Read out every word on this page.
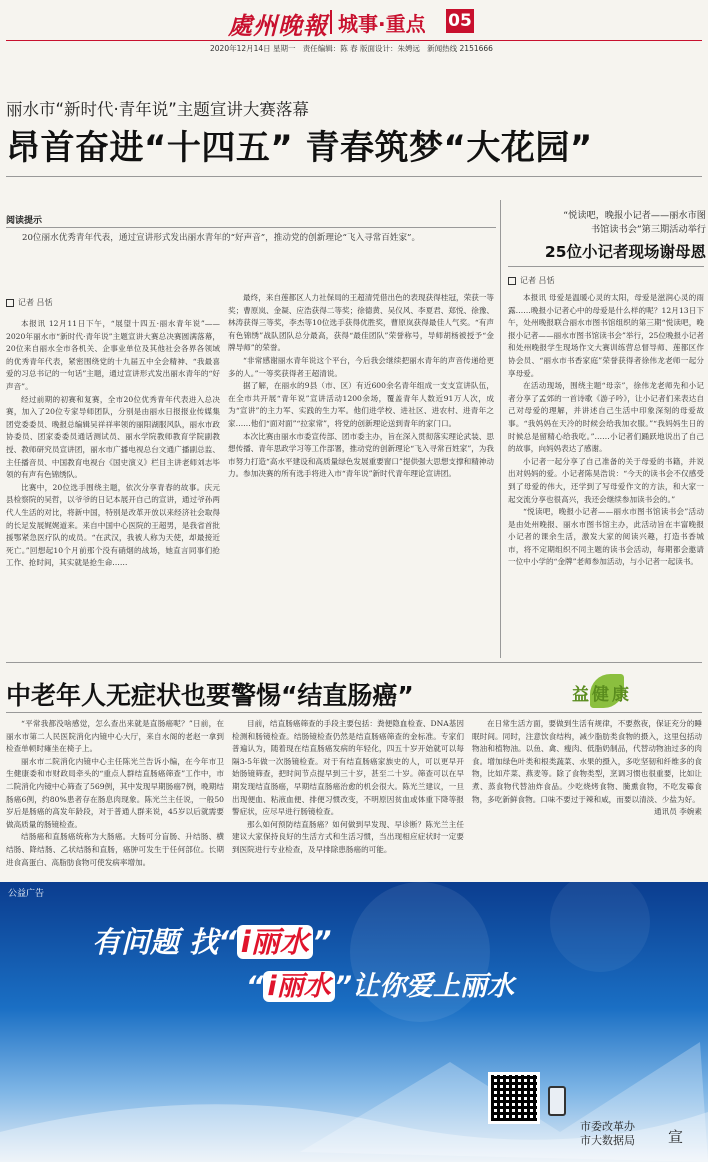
處州晚報 城事·重点 05
2020年12月14日 星期一 责任编辑：陈 春 版面设计：朱娉远 新闻热线 2151666
丽水市“新时代·青年说”主题宣讲大赛落幕
昂首奋进“十四五” 青春筑梦“大花园”
阅读提示
20位丽水优秀青年代表，通过宣讲形式发出丽水青年的“好声音”，推动党的创新理论“飞入寻常百姓家”。
记者 吕恬

本报讯 12月11日下午，“展望十四五·丽水青年说”——2020年丽水市“新时代·青年说”主题宣讲大赛总决赛圆满落幕，20位来自丽水全市各机关、企事业单位及其他社会各界各领域的优秀青年代表，紧密围绕党的十九届五中全会精神、“我最喜爱的习总书记的一句话”主题，通过宣讲形式发出丽水青年的“好声音”。

经过前期的初赛和复赛，全市20位优秀青年代表进入总决赛，加入了20位专家导师团队，分别是由丽水日报报业传媒集团党委委员、晚报总编辑吴祥祥率领的丽阳湖服风队，丽水市政协委员、团家委委员通话测试员、丽水学院教师教育学院副教授、教师研究员宣讲团，丽水市广播电视总台文通广播副总监、主任播音员、中国教育电视台《国史演义》栏目主讲老师刘志毕领的有声有色锦绣队。

比赛中，20位选手围绕主题，依次分享青春的故事。庆元县检察院的吴哲，以爷爷的日记本展开自己的宣讲，通过爷孙两代人生活的对比，将新中国，特别是改革开放以来经济社会取得的长足发展娓娓道来。来自中国中心医院的王超男，是我省首批援鄂紧急医疗队的成员。“在武汉，我被人称为天使，却最接近死亡。”回想起10个月前那个没有硝烟的战场，她直言同事们抢工作、抢时间，其实就是抢生命……

最终，来自莲都区人力社保局的王超清凭借出色的表现获得桂冠，荣获一等奖；曹原岚、金凝、应浩获得二等奖；徐德黄、吴仪风、李夏君、郑悦、徐豫、林涛获得三等奖，李杰等10位选手获得优胜奖，曹原岚获得最佳人气奖。“有声有色锦绣”战队团队总分最高，获得“最佳团队”荣誉称号，导师胡杨被授予“金牌导师”的荣誉。

“非常感谢丽水青年说这个平台，今后我会继续把丽水青年的声音传递给更多的人。”一等奖获得者王超清说。

据了解，在丽水的9县（市、区）有近600余名青年组成一支支宣讲队伍，在全市共开展“青年说”宣讲活动1200余场，覆盖青年人数近91万人次，成为“宣讲”的主力军、实践的生力军。他们进学校、进社区、进农村、进青年之家……他们“面对面”“拉家常”，将党的创新理论送到青年的家门口。

本次比赛由丽水市委宣传部、团市委主办，旨在深入贯彻落实理论武装、思想传播、青年思政学习等工作部署，推动党的创新理论“飞入寻常百姓家”，为我市努力打造“高水平建设和高质量绿色发展重要窗口”提供强大思想支撑和精神动力。参加决赛的所有选手将进入市“青年说”新时代青年理论宣讲团。

“悦读吧，晚报小记者——丽水市图
书馆读书会”第三期活动举行
25位小记者现场谢母恩
记者 吕恬

本报讯 母爱是温暖心灵的太阳，母爱是滋润心灵的雨露……晚报小记者心中的母爱是什么样的呢？12月13日下午，处州晚报联合丽水市图书馆组织的第三期“悦读吧，晚报小记者——丽水市图书馆读书会”举行，25位晚报小记者和处州晚报学生现场作文大赛训练营总督导师、莲都区作协会员、“丽水市书香家庭”荣誉获得者徐伟龙老师一起分享母爱。

在活动现场，围绕主题“母亲”，徐伟龙老师先和小记者分享了孟郊的一首诗歌《游子吟》，让小记者们来表达自己对母爱的理解，并讲述自己生活中印象深刻的母爱故事。“我妈妈在天冷的时候会给我加衣服。”“我妈妈生日的时候总是留精心给我吃。”……小记者们踊跃地说出了自己的故事，向妈妈表达了感谢。

小记者一起分享了自己准备的关于母爱的书籍，并说出对妈妈的爱。小记者陈昊浩说：“今天的读书会不仅感受到了母爱的伟大，还学到了写母爱作文的方法，和大家一起交流分享也很高兴，我还会继续参加读书会的。”

“悦读吧，晚报小记者——丽水市图书馆读书会”活动是由处州晚报、丽水市图书馆主办，此活动旨在丰富晚报小记者的课余生活，激发大家的阅读兴趣，打造书香城市，将不定期组织不同主题的读书会活动，每期都会邀请一位中小学的“金牌”老师参加活动，与小记者一起读书。

中老年人无症状也要警惕“结直肠癌”	益健康

“平常我都没啥感觉，怎么查出来就是直肠癌呢？”日前，在丽水市第二人民医院消化内镜中心大厅，来自水阁的老赵一拿到检查单顿时瘫坐在椅子上。

丽水市二院消化内镜中心主任陈光兰告诉小编，在今年市卫生健康委和市财政局牵头的“重点人群结直肠癌筛查”工作中，市二院消化内镜中心筛查了569例，其中发现早期肠癌7例，晚期结肠癌6例，约80%患者存在肠息肉现象。陈光兰主任说，一般50岁后是肠癌的高发年龄段，对于普通人群来说，45岁以后就需要做高质量的肠镜检查。

结肠癌和直肠癌统称为大肠癌。大肠可分盲肠、升结肠、横结肠、降结肠、乙状结肠和直肠，癌肿可发生于任何部位。长期进食高蛋白、高脂肪食物可使发病率增加。

目前，结直肠癌筛查的手段主要包括：粪便隐血检查、DNA基因检测和肠镜检查。结肠镜检查仍然是结直肠癌筛查的金标准。专家们普遍认为，随着现在结直肠癌发病的年轻化，四五十岁开始就可以每隔3-5年做一次肠镜检查。对于有结直肠癌家族史的人，可以更早开始肠镜筛查，把时间节点提早到三十岁，甚至二十岁。筛查可以在早期发现结直肠癌，早期结直肠癌治愈的机会很大。陈光兰建议，一旦出现便血、粘液血便、排便习惯改变，不明原因贫血或体重下降等报警症状，应尽早进行肠镜检查。

那么如何预防结直肠癌？如何做到早发现、早诊断？陈光兰主任建议大家保持良好的生活方式和生活习惯，当出现相应症状时一定要到医院进行专业检查，及早排除患肠癌的可能。

在日常生活方面，要做到生活有规律，不要熬夜，保证充分的睡眠时间。同时，注意饮食结构，减少脂肪类食物的摄入，这里包括动物油和植物油。以鱼、禽、瘦肉、低脂奶制品，代替动物油过多的肉食。增加绿色叶类和根类蔬菜、水果的摄入，多吃坚韧和纤维多的食物，比如芹菜、燕麦等。除了食物类型，烹调习惯也很重要，比如让煮、蒸食物代替油炸食品。少吃烧烤食物、腌熏食物，不吃发霉食物，多吃新鲜食物。口味不要过于辣和咸，而要以清淡、少盐为好。

通讯员 李婉素

公益广告
有问题 找“ i丽水 ”
“ i丽水 ”让你爱上丽水
市委改革办
市大数据局 宣
